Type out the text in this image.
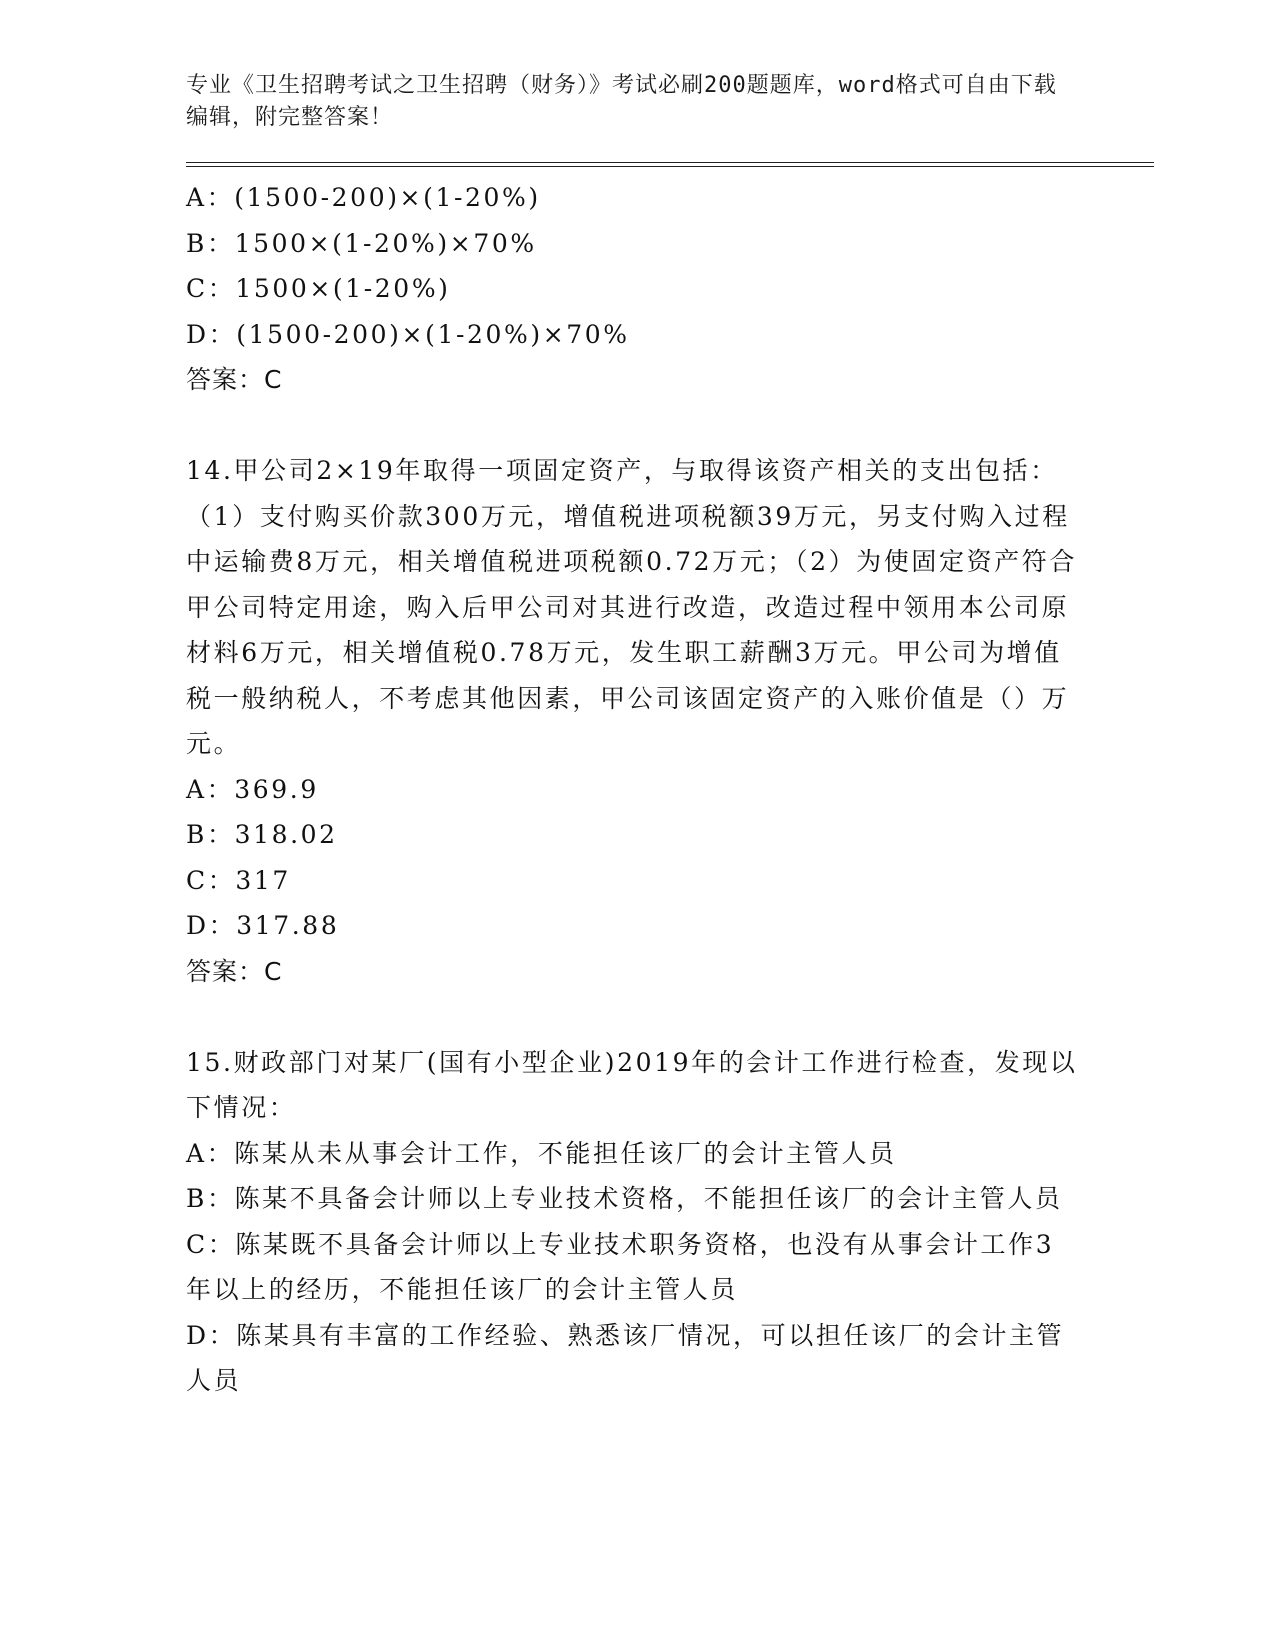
专业《卫生招聘考试之卫生招聘（财务）》考试必刷200题题库，word格式可自由下载编辑，附完整答案！

A：(1500-200)×(1-20%)

B：1500×(1-20%)×70%

C：1500×(1-20%)

D：(1500-200)×(1-20%)×70%

答案：C

14.甲公司2×19年取得一项固定资产，与取得该资产相关的支出包括：（1）支付购买价款300万元，增值税进项税额39万元，另支付购入过程中运输费8万元，相关增值税进项税额0.72万元；（2）为使固定资产符合甲公司特定用途，购入后甲公司对其进行改造，改造过程中领用本公司原材料6万元，相关增值税0.78万元，发生职工薪酬3万元。甲公司为增值税一般纳税人，不考虑其他因素，甲公司该固定资产的入账价值是（）万元。

A：369.9

B：318.02

C：317

D：317.88

答案：C

15.财政部门对某厂(国有小型企业)2019年的会计工作进行检查，发现以下情况：

A：陈某从未从事会计工作，不能担任该厂的会计主管人员

B：陈某不具备会计师以上专业技术资格，不能担任该厂的会计主管人员

C：陈某既不具备会计师以上专业技术职务资格，也没有从事会计工作3年以上的经历，不能担任该厂的会计主管人员

D：陈某具有丰富的工作经验、熟悉该厂情况，可以担任该厂的会计主管人员
